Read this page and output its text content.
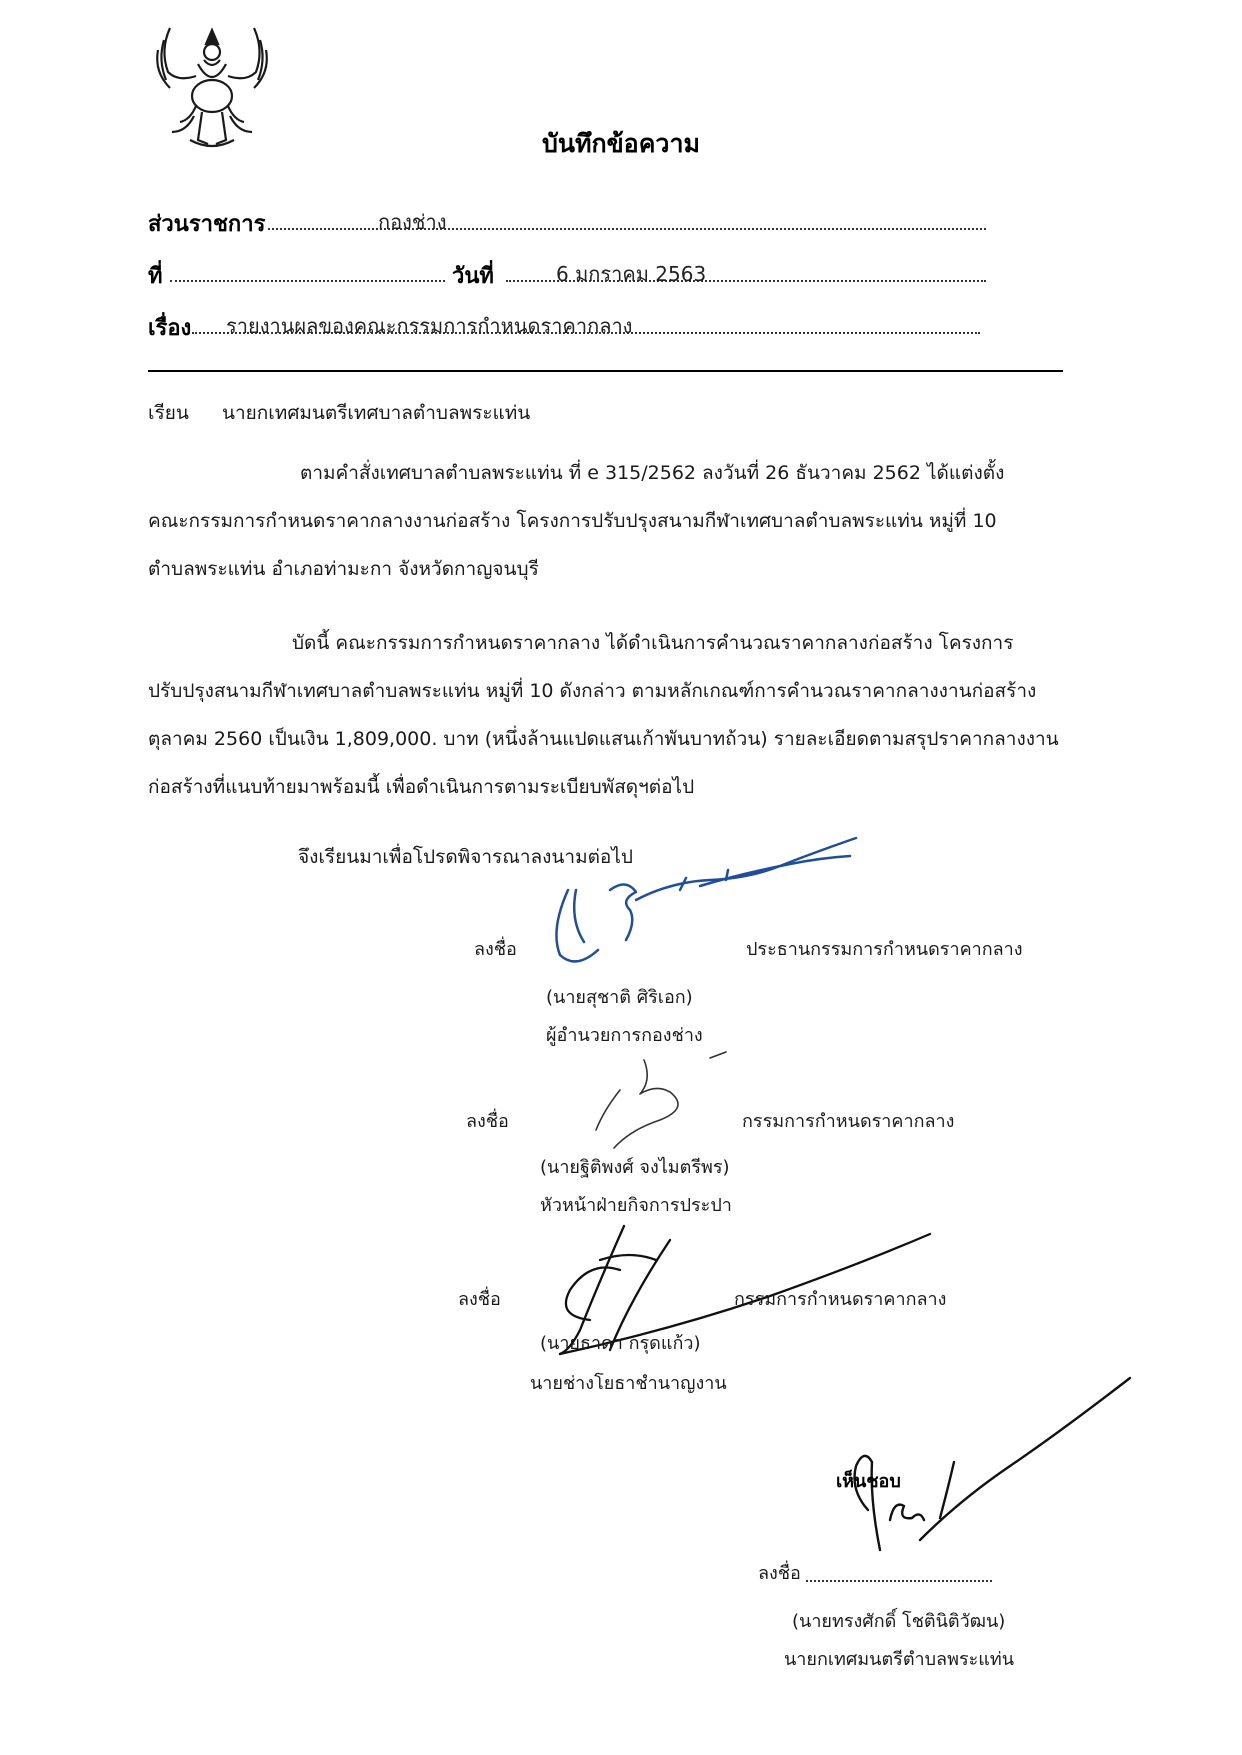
บันทึกข้อความ
ส่วนราชการ	กองช่าง
ที่	วันที่	6 มกราคม 2563
เรื่อง รายงานผลของคณะกรรมการกำหนดราคากลาง
เรียน นายกเทศมนตรีเทศบาลตำบลพระแท่น
ตามคำสั่งเทศบาลตำบลพระแท่น ที่ e 315/2562 ลงวันที่ 26 ธันวาคม 2562 ได้แต่งตั้ง
คณะกรรมการกำหนดราคากลางงานก่อสร้าง โครงการปรับปรุงสนามกีฬาเทศบาลตำบลพระแท่น หมู่ที่ 10
ตำบลพระแท่น อำเภอท่ามะกา จังหวัดกาญจนบุรี
บัดนี้ คณะกรรมการกำหนดราคากลาง ได้ดำเนินการคำนวณราคากลางก่อสร้าง โครงการ
ปรับปรุงสนามกีฬาเทศบาลตำบลพระแท่น หมู่ที่ 10 ดังกล่าว ตามหลักเกณฑ์การคำนวณราคากลางงานก่อสร้าง
ตุลาคม 2560 เป็นเงิน 1,809,000. บาท (หนึ่งล้านแปดแสนเก้าพันบาทถ้วน) รายละเอียดตามสรุปราคากลางงาน
ก่อสร้างที่แนบท้ายมาพร้อมนี้ เพื่อดำเนินการตามระเบียบพัสดุฯต่อไป
จึงเรียนมาเพื่อโปรดพิจารณาลงนามต่อไป
ลงชื่อ	ประธานกรรมการกำหนดราคากลาง
(นายสุชาติ ศิริเอก)
ผู้อำนวยการกองช่าง
ลงชื่อ	กรรมการกำหนดราคากลาง
(นายฐิติพงศ์ จงไมตรีพร)
หัวหน้าฝ่ายกิจการประปา
ลงชื่อ	กรรมการกำหนดราคากลาง
(นายธาดา กรุดแก้ว)
นายช่างโยธาชำนาญงาน
เห็นชอบ
ลงชื่อ
(นายทรงศักดิ์ โชตินิติวัฒน)
นายกเทศมนตรีตำบลพระแท่น
